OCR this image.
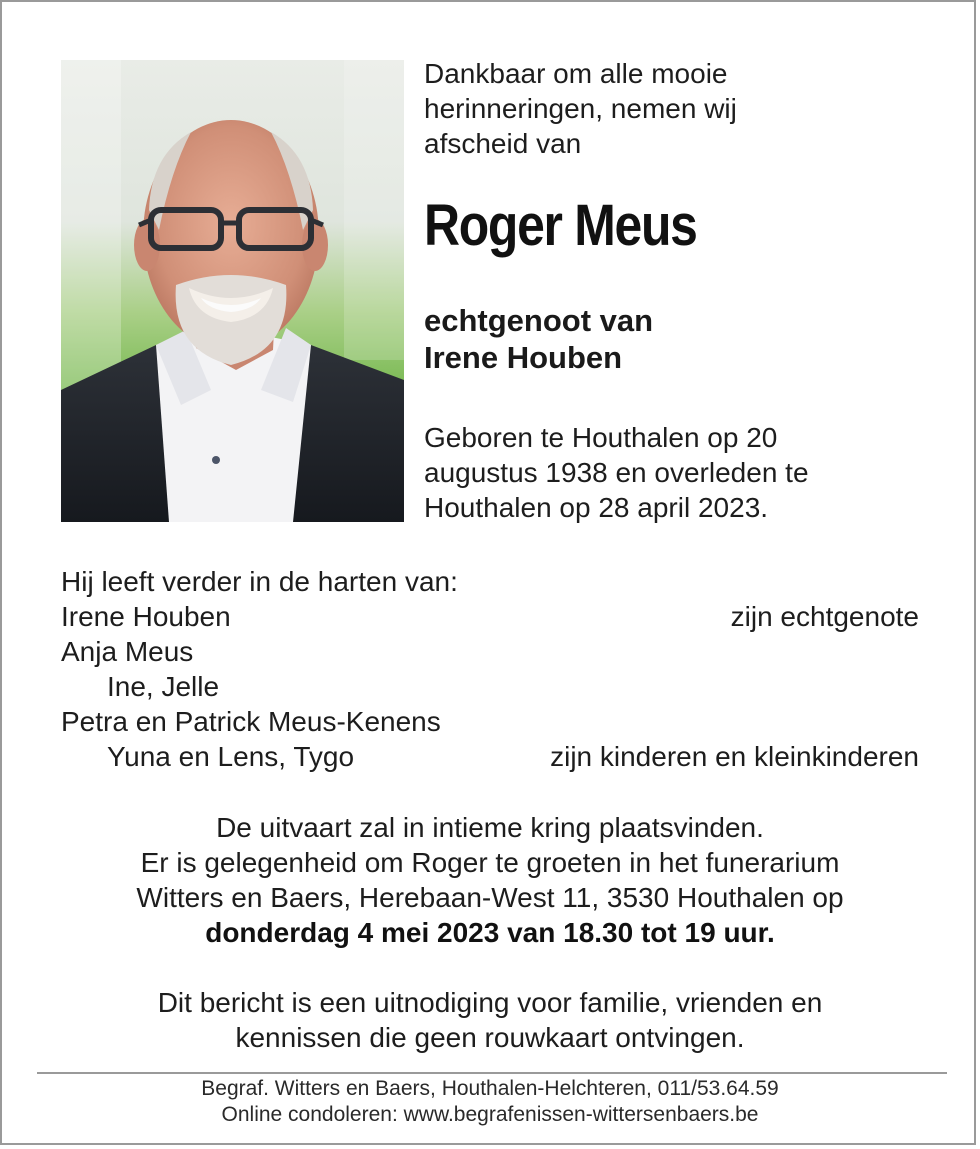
Dankbaar om alle mooie
herinneringen, nemen wij
afscheid van
Roger Meus
echtgenoot van
Irene Houben
Geboren te Houthalen op 20
augustus 1938 en overleden te
Houthalen op 28 april 2023.
Hij leeft verder in de harten van:
Irene Houben	zijn echtgenote
Anja Meus
Ine, Jelle
Petra en Patrick Meus-Kenens
Yuna en Lens, Tygo	zijn kinderen en kleinkinderen
De uitvaart zal in intieme kring plaatsvinden.
Er is gelegenheid om Roger te groeten in het funerarium
Witters en Baers, Herebaan-West 11, 3530 Houthalen op
donderdag 4 mei 2023 van 18.30 tot 19 uur.
Dit bericht is een uitnodiging voor familie, vrienden en
kennissen die geen rouwkaart ontvingen.
Begraf. Witters en Baers, Houthalen-Helchteren, 011/53.64.59
Online condoleren: www.begrafenissen-wittersenbaers.be
